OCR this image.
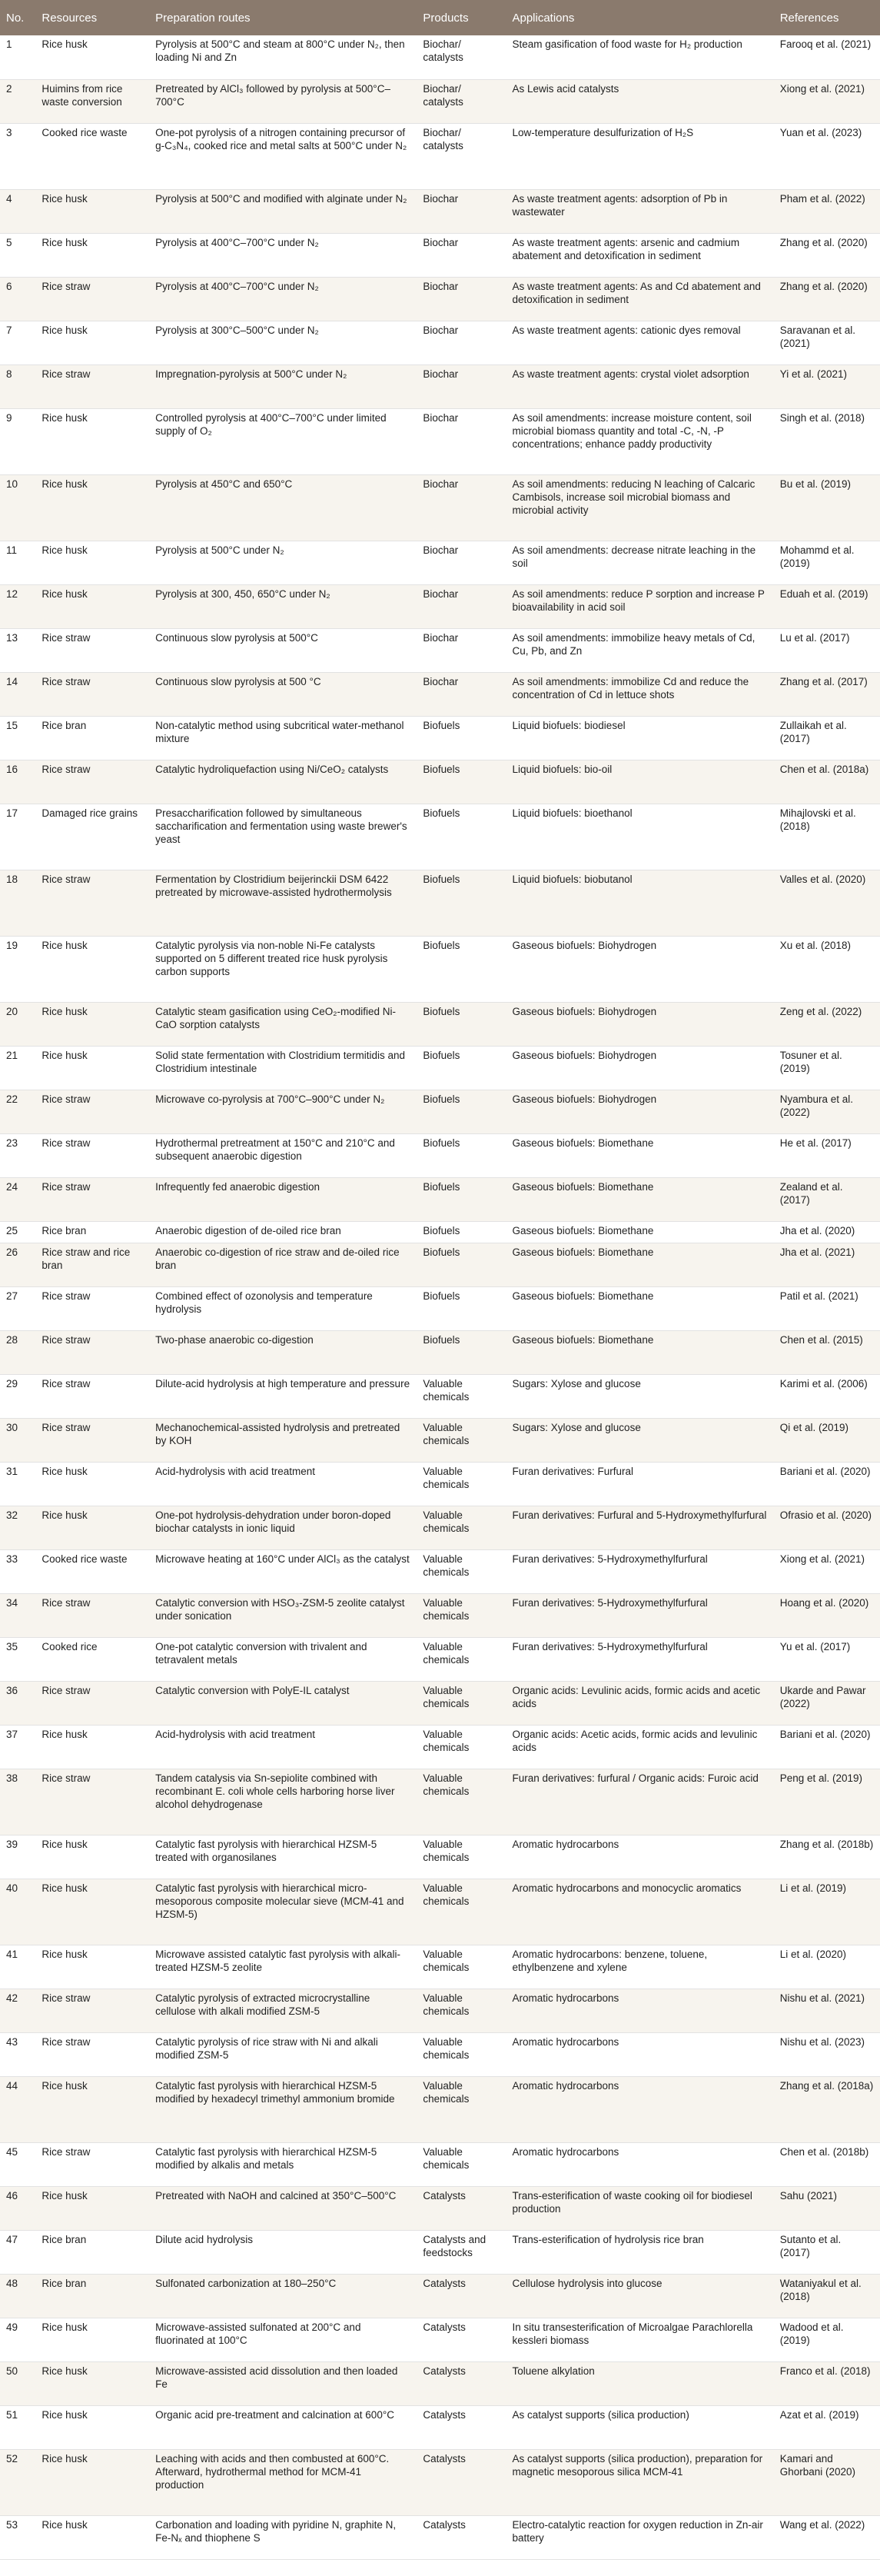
No.	Resources	Preparation routes	Products	Applications	References
1	Rice husk	Pyrolysis at 500°C and steam at 800°C under N₂, then loading Ni and Zn	Biochar/ catalysts	Steam gasification of food waste for H₂ production	Farooq et al. (2021)
2	Huimins from rice waste conversion	Pretreated by AlCl₃ followed by pyrolysis at 500°C–700°C	Biochar/ catalysts	As Lewis acid catalysts	Xiong et al. (2021)
3	Cooked rice waste	One-pot pyrolysis of a nitrogen containing precursor of g-C₃N₄, cooked rice and metal salts at 500°C under N₂	Biochar/ catalysts	Low-temperature desulfurization of H₂S	Yuan et al. (2023)
4	Rice husk	Pyrolysis at 500°C and modified with alginate under N₂	Biochar	As waste treatment agents: adsorption of Pb in wastewater	Pham et al. (2022)
5	Rice husk	Pyrolysis at 400°C–700°C under N₂	Biochar	As waste treatment agents: arsenic and cadmium abatement and detoxification in sediment	Zhang et al. (2020)
6	Rice straw	Pyrolysis at 400°C–700°C under N₂	Biochar	As waste treatment agents: As and Cd abatement and detoxification in sediment	Zhang et al. (2020)
7	Rice husk	Pyrolysis at 300°C–500°C under N₂	Biochar	As waste treatment agents: cationic dyes removal	Saravanan et al. (2021)
8	Rice straw	Impregnation-pyrolysis at 500°C under N₂	Biochar	As waste treatment agents: crystal violet adsorption	Yi et al. (2021)
9	Rice husk	Controlled pyrolysis at 400°C–700°C under limited supply of O₂	Biochar	As soil amendments: increase moisture content, soil microbial biomass quantity and total -C, -N, -P concentrations; enhance paddy productivity	Singh et al. (2018)
10	Rice husk	Pyrolysis at 450°C and 650°C	Biochar	As soil amendments: reducing N leaching of Calcaric Cambisols, increase soil microbial biomass and microbial activity	Bu et al. (2019)
11	Rice husk	Pyrolysis at 500°C under N₂	Biochar	As soil amendments: decrease nitrate leaching in the soil	Mohammd et al. (2019)
12	Rice husk	Pyrolysis at 300, 450, 650°C under N₂	Biochar	As soil amendments: reduce P sorption and increase P bioavailability in acid soil	Eduah et al. (2019)
13	Rice straw	Continuous slow pyrolysis at 500°C	Biochar	As soil amendments: immobilize heavy metals of Cd, Cu, Pb, and Zn	Lu et al. (2017)
14	Rice straw	Continuous slow pyrolysis at 500 °C	Biochar	As soil amendments: immobilize Cd and reduce the concentration of Cd in lettuce shots	Zhang et al. (2017)
15	Rice bran	Non-catalytic method using subcritical water-methanol mixture	Biofuels	Liquid biofuels: biodiesel	Zullaikah et al. (2017)
16	Rice straw	Catalytic hydroliquefaction using Ni/CeO₂ catalysts	Biofuels	Liquid biofuels: bio-oil	Chen et al. (2018a)
17	Damaged rice grains	Presaccharification followed by simultaneous saccharification and fermentation using waste brewer's yeast	Biofuels	Liquid biofuels: bioethanol	Mihajlovski et al. (2018)
18	Rice straw	Fermentation by Clostridium beijerinckii DSM 6422 pretreated by microwave-assisted hydrothermolysis	Biofuels	Liquid biofuels: biobutanol	Valles et al. (2020)
19	Rice husk	Catalytic pyrolysis via non-noble Ni-Fe catalysts supported on 5 different treated rice husk pyrolysis carbon supports	Biofuels	Gaseous biofuels: Biohydrogen	Xu et al. (2018)
20	Rice husk	Catalytic steam gasification using CeO₂-modified Ni-CaO sorption catalysts	Biofuels	Gaseous biofuels: Biohydrogen	Zeng et al. (2022)
21	Rice husk	Solid state fermentation with Clostridium termitidis and Clostridium intestinale	Biofuels	Gaseous biofuels: Biohydrogen	Tosuner et al. (2019)
22	Rice straw	Microwave co-pyrolysis at 700°C–900°C under N₂	Biofuels	Gaseous biofuels: Biohydrogen	Nyambura et al. (2022)
23	Rice straw	Hydrothermal pretreatment at 150°C and 210°C and subsequent anaerobic digestion	Biofuels	Gaseous biofuels: Biomethane	He et al. (2017)
24	Rice straw	Infrequently fed anaerobic digestion	Biofuels	Gaseous biofuels: Biomethane	Zealand et al. (2017)
25	Rice bran	Anaerobic digestion of de-oiled rice bran	Biofuels	Gaseous biofuels: Biomethane	Jha et al. (2020)
26	Rice straw and rice bran	Anaerobic co-digestion of rice straw and de-oiled rice bran	Biofuels	Gaseous biofuels: Biomethane	Jha et al. (2021)
27	Rice straw	Combined effect of ozonolysis and temperature hydrolysis	Biofuels	Gaseous biofuels: Biomethane	Patil et al. (2021)
28	Rice straw	Two-phase anaerobic co-digestion	Biofuels	Gaseous biofuels: Biomethane	Chen et al. (2015)
29	Rice straw	Dilute-acid hydrolysis at high temperature and pressure	Valuable chemicals	Sugars: Xylose and glucose	Karimi et al. (2006)
30	Rice straw	Mechanochemical-assisted hydrolysis and pretreated by KOH	Valuable chemicals	Sugars: Xylose and glucose	Qi et al. (2019)
31	Rice husk	Acid-hydrolysis with acid treatment	Valuable chemicals	Furan derivatives: Furfural	Bariani et al. (2020)
32	Rice husk	One-pot hydrolysis-dehydration under boron-doped biochar catalysts in ionic liquid	Valuable chemicals	Furan derivatives: Furfural and 5-Hydroxymethylfurfural	Ofrasio et al. (2020)
33	Cooked rice waste	Microwave heating at 160°C under AlCl₃ as the catalyst	Valuable chemicals	Furan derivatives: 5-Hydroxymethylfurfural	Xiong et al. (2021)
34	Rice straw	Catalytic conversion with HSO₃-ZSM-5 zeolite catalyst under sonication	Valuable chemicals	Furan derivatives: 5-Hydroxymethylfurfural	Hoang et al. (2020)
35	Cooked rice	One-pot catalytic conversion with trivalent and tetravalent metals	Valuable chemicals	Furan derivatives: 5-Hydroxymethylfurfural	Yu et al. (2017)
36	Rice straw	Catalytic conversion with PolyE-IL catalyst	Valuable chemicals	Organic acids: Levulinic acids, formic acids and acetic acids	Ukarde and Pawar (2022)
37	Rice husk	Acid-hydrolysis with acid treatment	Valuable chemicals	Organic acids: Acetic acids, formic acids and levulinic acids	Bariani et al. (2020)
38	Rice straw	Tandem catalysis via Sn-sepiolite combined with recombinant E. coli whole cells harboring horse liver alcohol dehydrogenase	Valuable chemicals	Furan derivatives: furfural / Organic acids: Furoic acid	Peng et al. (2019)
39	Rice husk	Catalytic fast pyrolysis with hierarchical HZSM-5 treated with organosilanes	Valuable chemicals	Aromatic hydrocarbons	Zhang et al. (2018b)
40	Rice husk	Catalytic fast pyrolysis with hierarchical micro-mesoporous composite molecular sieve (MCM-41 and HZSM-5)	Valuable chemicals	Aromatic hydrocarbons and monocyclic aromatics	Li et al. (2019)
41	Rice husk	Microwave assisted catalytic fast pyrolysis with alkali-treated HZSM-5 zeolite	Valuable chemicals	Aromatic hydrocarbons: benzene, toluene, ethylbenzene and xylene	Li et al. (2020)
42	Rice straw	Catalytic pyrolysis of extracted microcrystalline cellulose with alkali modified ZSM-5	Valuable chemicals	Aromatic hydrocarbons	Nishu et al. (2021)
43	Rice straw	Catalytic pyrolysis of rice straw with Ni and alkali modified ZSM-5	Valuable chemicals	Aromatic hydrocarbons	Nishu et al. (2023)
44	Rice husk	Catalytic fast pyrolysis with hierarchical HZSM-5 modified by hexadecyl trimethyl ammonium bromide	Valuable chemicals	Aromatic hydrocarbons	Zhang et al. (2018a)
45	Rice straw	Catalytic fast pyrolysis with hierarchical HZSM-5 modified by alkalis and metals	Valuable chemicals	Aromatic hydrocarbons	Chen et al. (2018b)
46	Rice husk	Pretreated with NaOH and calcined at 350°C–500°C	Catalysts	Trans-esterification of waste cooking oil for biodiesel production	Sahu (2021)
47	Rice bran	Dilute acid hydrolysis	Catalysts and feedstocks	Trans-esterification of hydrolysis rice bran	Sutanto et al. (2017)
48	Rice bran	Sulfonated carbonization at 180–250°C	Catalysts	Cellulose hydrolysis into glucose	Wataniyakul et al. (2018)
49	Rice husk	Microwave-assisted sulfonated at 200°C and fluorinated at 100°C	Catalysts	In situ transesterification of Microalgae Parachlorella kessleri biomass	Wadood et al. (2019)
50	Rice husk	Microwave-assisted acid dissolution and then loaded Fe	Catalysts	Toluene alkylation	Franco et al. (2018)
51	Rice husk	Organic acid pre-treatment and calcination at 600°C	Catalysts	As catalyst supports (silica production)	Azat et al. (2019)
52	Rice husk	Leaching with acids and then combusted at 600°C. Afterward, hydrothermal method for MCM-41 production	Catalysts	As catalyst supports (silica production), preparation for magnetic mesoporous silica MCM-41	Kamari and Ghorbani (2020)
53	Rice husk	Carbonation and loading with pyridine N, graphite N, Fe-Nₓ and thiophene S	Catalysts	Electro-catalytic reaction for oxygen reduction in Zn-air battery	Wang et al. (2022)
